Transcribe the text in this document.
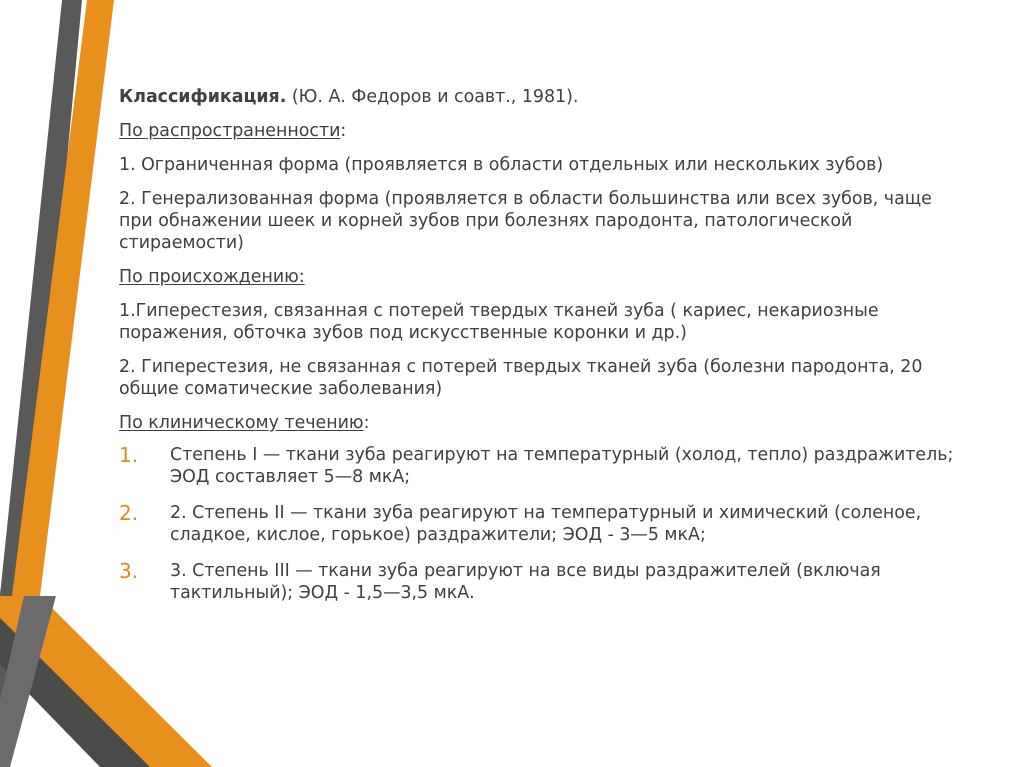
Классификация. (Ю. А. Федоров и соавт., 1981).

По распространенности:

1. Ограниченная форма (проявляется в области отдельных или нескольких зубов)

2. Генерализованная форма (проявляется в области большинства или всех зубов, чаще при обнажении шеек и корней зубов при болезнях пародонта, патологической стираемости)

По происхождению:

1.Гиперестезия, связанная с потерей твердых тканей зуба ( кариес, некариозные поражения, обточка зубов под искусственные коронки и др.)

2. Гиперестезия, не связанная с потерей твердых тканей зуба (болезни пародонта, 20 общие соматические заболевания)

По клиническому течению:

1. Степень I — ткани зуба реагируют на температурный (холод, тепло) раздражитель; ЭОД составляет 5—8 мкА;
2. 2. Степень II — ткани зуба реагируют на температурный и химический (соленое, сладкое, кислое, горькое) раздражители; ЭОД - 3—5 мкА;
3. 3. Степень III — ткани зуба реагируют на все виды раздражителей (включая тактильный); ЭОД - 1,5—3,5 мкА.
